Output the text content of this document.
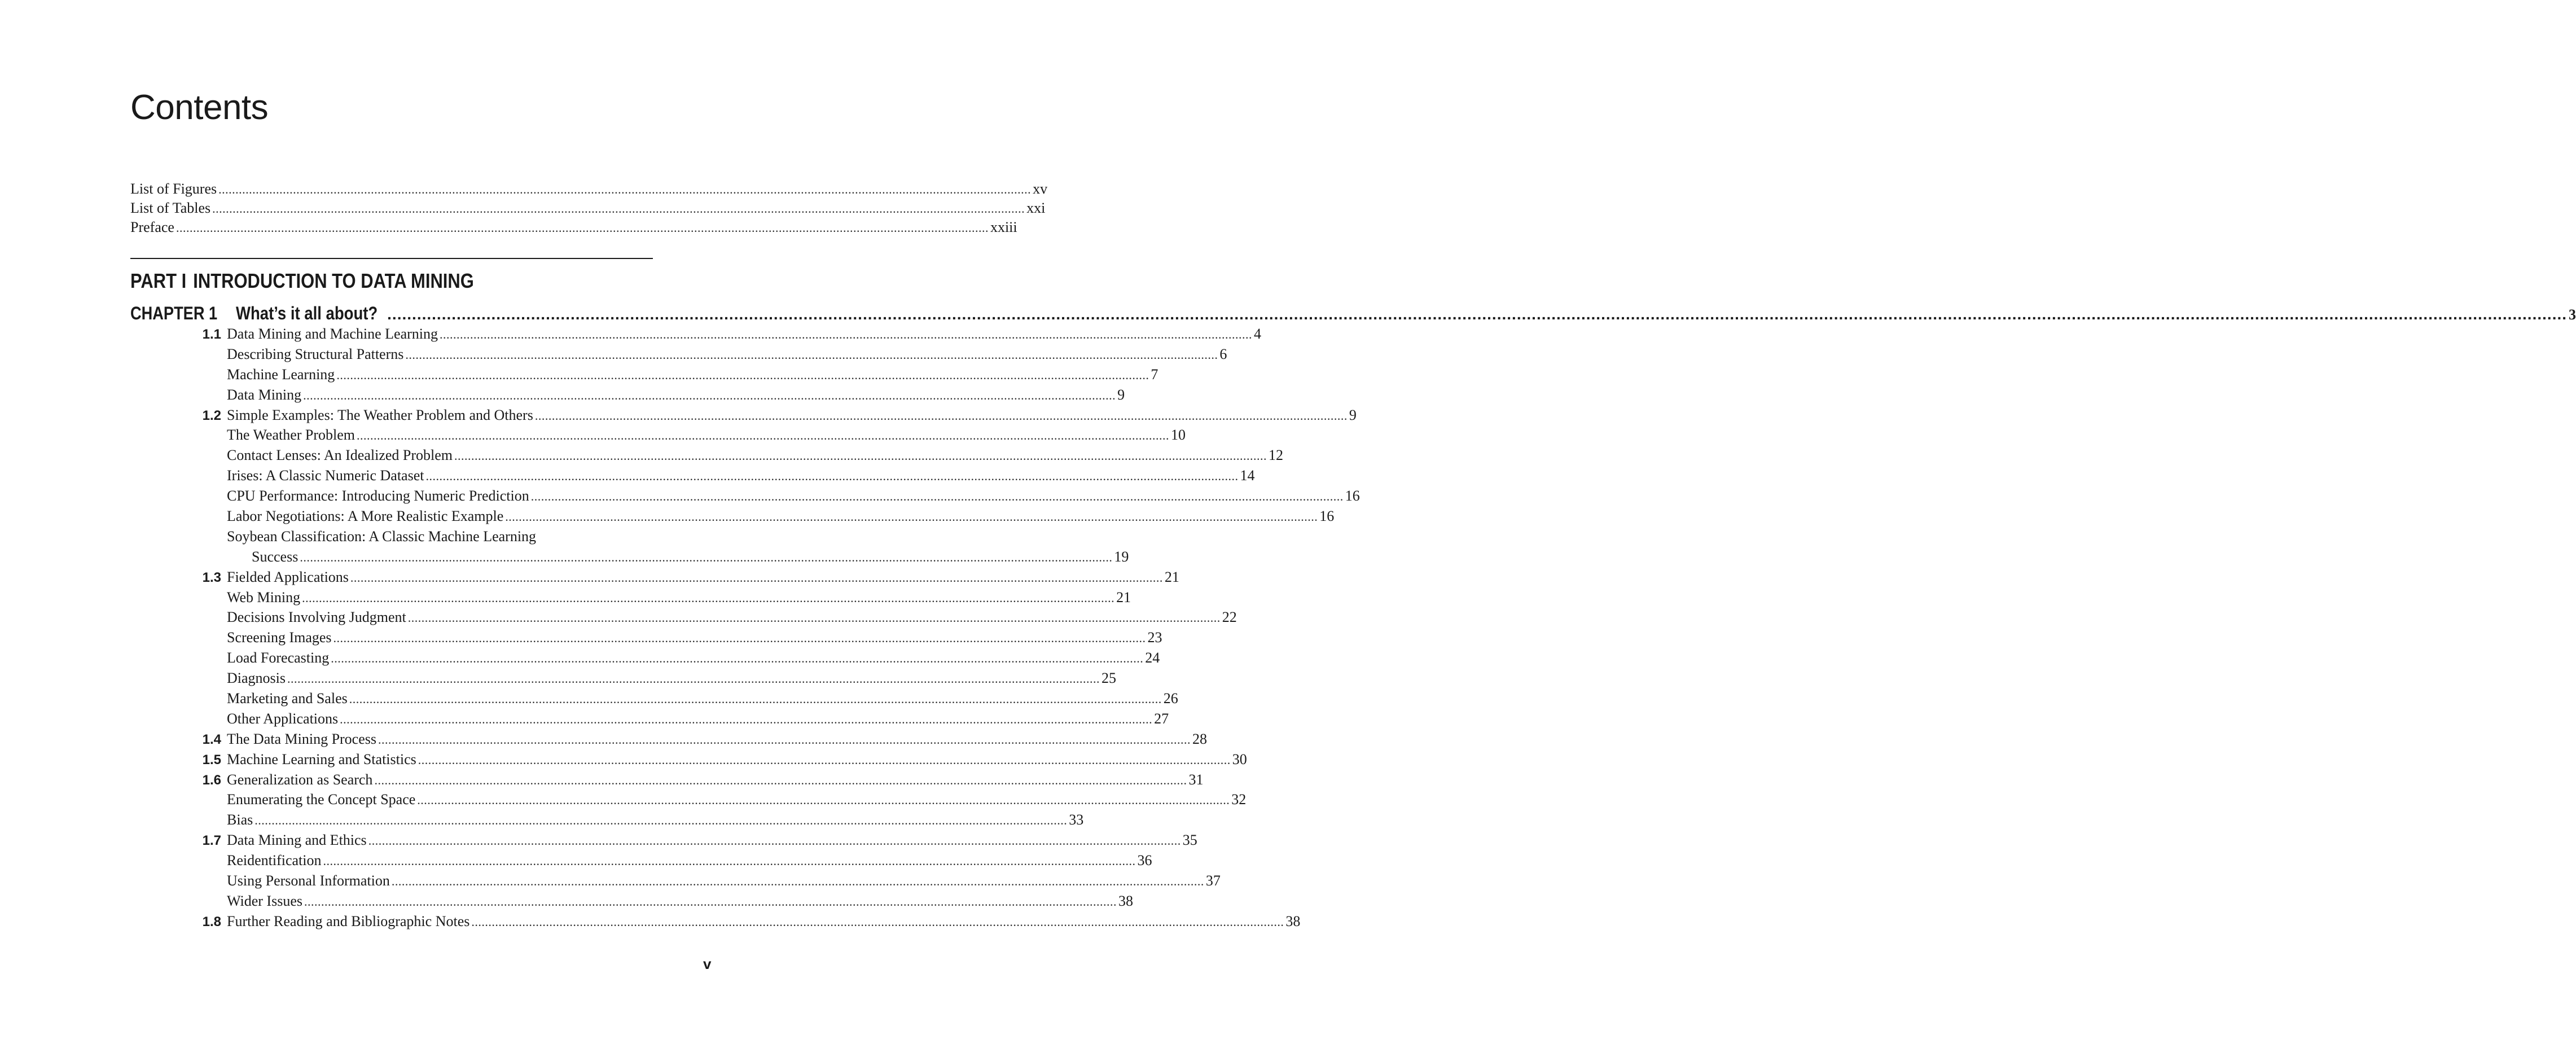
Contents
List of Figures .....	xv
List of Tables .....	xxi
Preface .....	xxiii
PART I INTRODUCTION TO DATA MINING
CHAPTER 1 What’s it all about?	..... ........................................................................................................................................................................................................ 3
1.1 Data Mining and Machine Learning .....	4
Describing Structural Patterns .....	6
Machine Learning .....	7
Data Mining .....	9
1.2 Simple Examples: The Weather Problem and Others .....	9
The Weather Problem .....	10
Contact Lenses: An Idealized Problem .....	12
Irises: A Classic Numeric Dataset .....	14
CPU Performance: Introducing Numeric Prediction .....	16
Labor Negotiations: A More Realistic Example .....	16
Soybean Classification: A Classic Machine Learning
Success .....	19
1.3 Fielded Applications .....	21
Web Mining .....	21
Decisions Involving Judgment .....	22
Screening Images .....	23
Load Forecasting .....	24
Diagnosis .....	25
Marketing and Sales .....	26
Other Applications .....	27
1.4 The Data Mining Process .....	28
1.5 Machine Learning and Statistics .....	30
1.6 Generalization as Search .....	31
Enumerating the Concept Space .....	32
Bias .....	33
1.7 Data Mining and Ethics .....	35
Reidentification .....	36
Using Personal Information .....	37
Wider Issues .....	38
1.8 Further Reading and Bibliographic Notes .....	38
v
